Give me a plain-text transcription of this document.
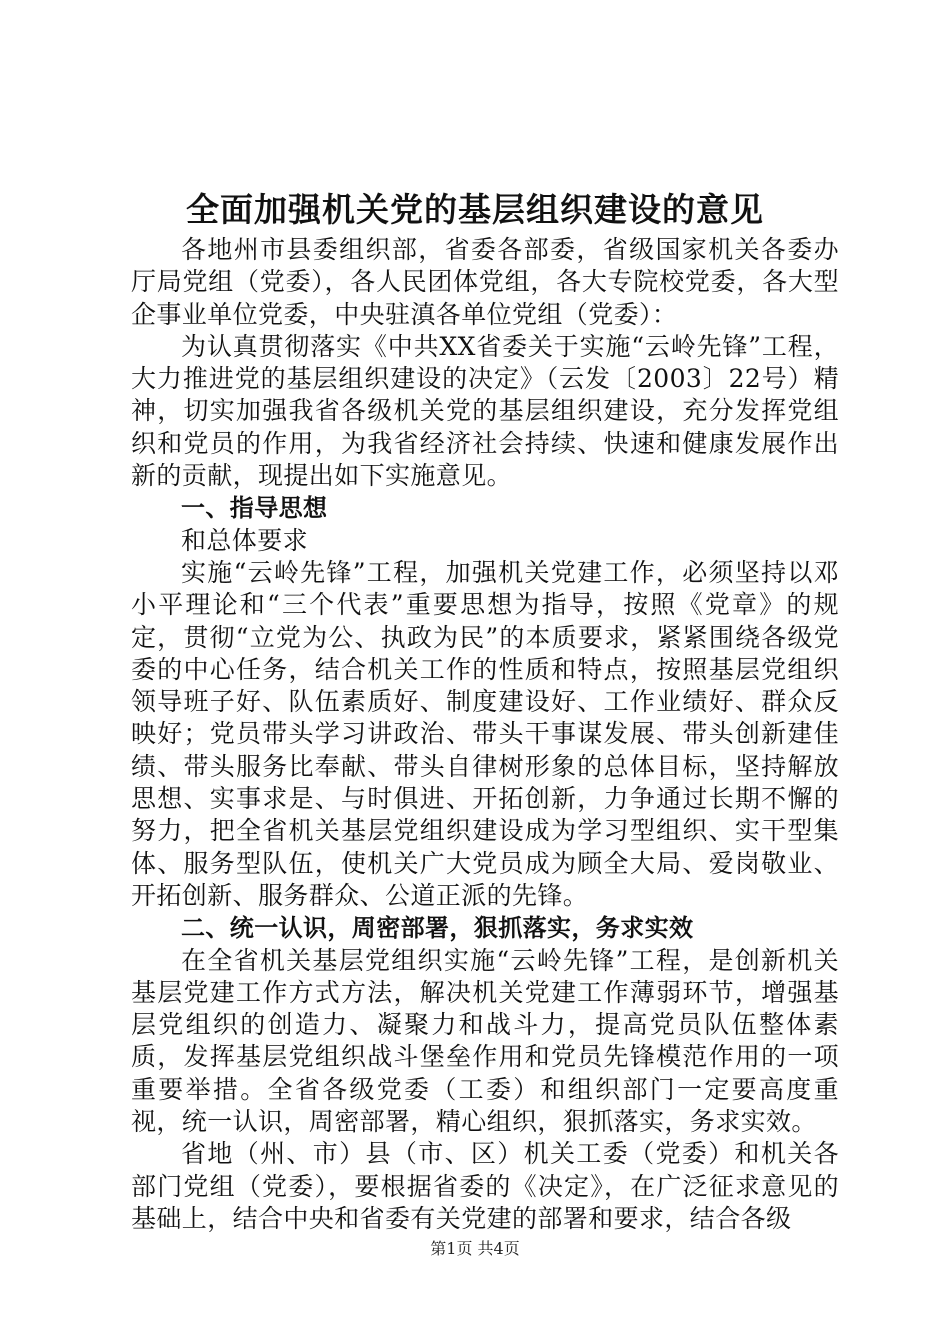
全面加强机关党的基层组织建设的意见

各地州市县委组织部，省委各部委，省级国家机关各委办厅局党组（党委），各人民团体党组，各大专院校党委，各大型企事业单位党委，中央驻滇各单位党组（党委）：

为认真贯彻落实《中共XX省委关于实施“云岭先锋”工程，大力推进党的基层组织建设的决定》（云发〔2003〕22号）精神，切实加强我省各级机关党的基层组织建设，充分发挥党组织和党员的作用，为我省经济社会持续、快速和健康发展作出新的贡献，现提出如下实施意见。

一、指导思想

和总体要求

实施“云岭先锋”工程，加强机关党建工作，必须坚持以邓小平理论和“三个代表”重要思想为指导，按照《党章》的规定，贯彻“立党为公、执政为民”的本质要求，紧紧围绕各级党委的中心任务，结合机关工作的性质和特点，按照基层党组织领导班子好、队伍素质好、制度建设好、工作业绩好、群众反映好；党员带头学习讲政治、带头干事谋发展、带头创新建佳绩、带头服务比奉献、带头自律树形象的总体目标，坚持解放思想、实事求是、与时俱进、开拓创新，力争通过长期不懈的努力，把全省机关基层党组织建设成为学习型组织、实干型集体、服务型队伍，使机关广大党员成为顾全大局、爱岗敬业、开拓创新、服务群众、公道正派的先锋。

二、统一认识，周密部署，狠抓落实，务求实效

在全省机关基层党组织实施“云岭先锋”工程，是创新机关基层党建工作方式方法，解决机关党建工作薄弱环节，增强基层党组织的创造力、凝聚力和战斗力，提高党员队伍整体素质，发挥基层党组织战斗堡垒作用和党员先锋模范作用的一项重要举措。全省各级党委（工委）和组织部门一定要高度重视，统一认识，周密部署，精心组织，狠抓落实，务求实效。

省地（州、市）县（市、区）机关工委（党委）和机关各部门党组（党委），要根据省委的《决定》，在广泛征求意见的基础上，结合中央和省委有关党建的部署和要求，结合各级

第1页 共4页
